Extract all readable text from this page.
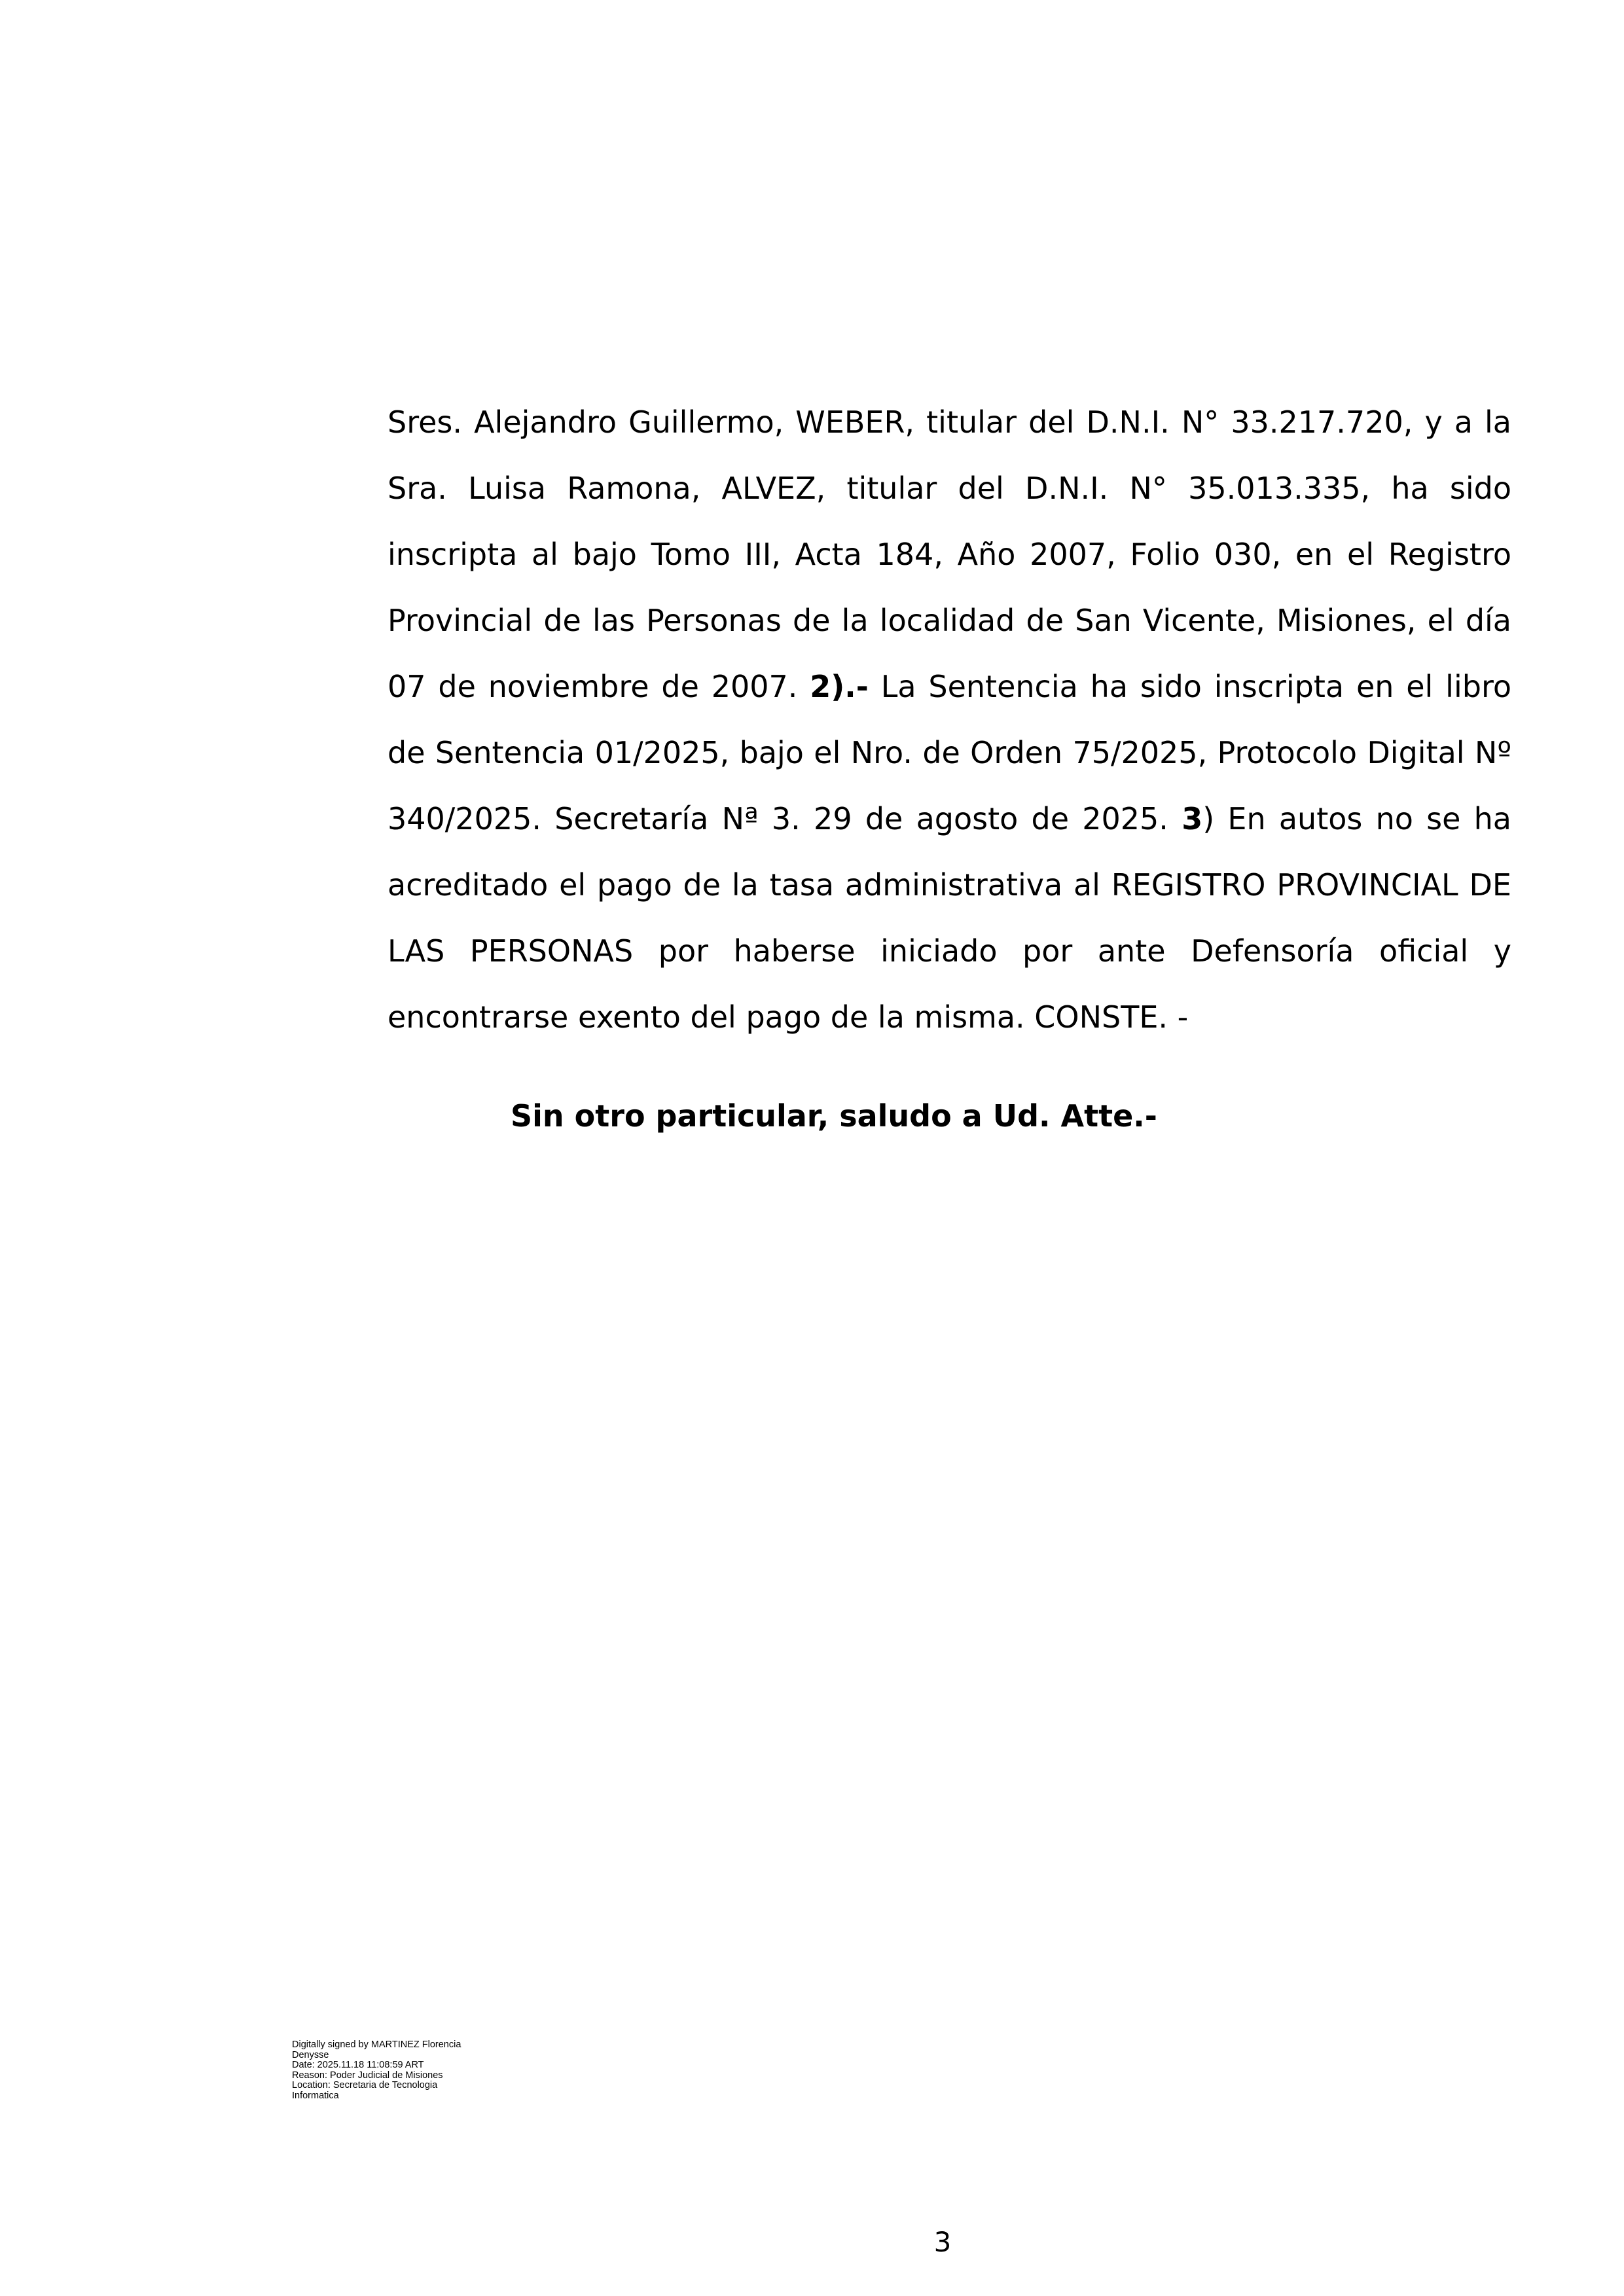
Sres. Alejandro Guillermo, WEBER, titular del D.N.I. N° 33.217.720, y a la Sra. Luisa Ramona, ALVEZ, titular del D.N.I. N° 35.013.335, ha sido inscripta al bajo Tomo III, Acta 184, Año 2007, Folio 030, en el Registro Provincial de las Personas de la localidad de San Vicente, Misiones, el día 07 de noviembre de 2007. 2).- La Sentencia ha sido inscripta en el libro de Sentencia 01/2025, bajo el Nro. de Orden 75/2025, Protocolo Digital Nº 340/2025. Secretaría Nª 3. 29 de agosto de 2025. 3) En autos no se ha acreditado el pago de la tasa administrativa al REGISTRO PROVINCIAL DE LAS PERSONAS por haberse iniciado por ante Defensoría oficial y encontrarse exento del pago de la misma. CONSTE. -

Sin otro particular, saludo a Ud. Atte.-

Digitally signed by MARTINEZ Florencia
Denysse
Date: 2025.11.18 11:08:59 ART
Reason: Poder Judicial de Misiones
Location: Secretaria de Tecnologia
Informatica
3
